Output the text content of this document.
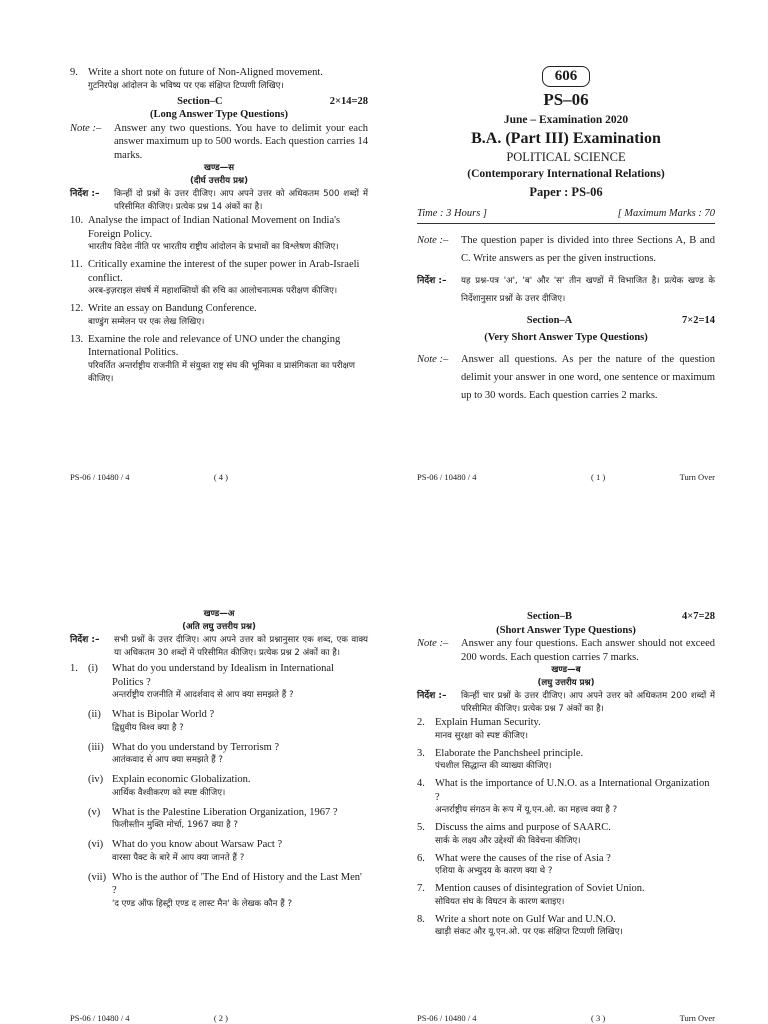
9. Write a short note on future of Non-Aligned movement.
गुटनिरपेक्ष आंदोलन के भविष्य पर एक संक्षिप्त टिप्पणी लिखिए।
Section–C	2×14=28
(Long Answer Type Questions)
Note :–	Answer any two questions. You have to delimit your each answer maximum up to 500 words. Each question carries 14 marks.
खण्ड—स
(दीर्घ उत्तरीय प्रश्न)
निर्देश :–	किन्हीं दो प्रश्नों के उत्तर दीजिए। आप अपने उत्तर को अधिकतम 500 शब्दों में परिसीमित कीजिए। प्रत्येक प्रश्न 14 अंकों का है।
10. Analyse the impact of Indian National Movement on India's Foreign Policy.
भारतीय विदेश नीति पर भारतीय राष्ट्रीय आंदोलन के प्रभावों का विश्लेषण कीजिए।
11. Critically examine the interest of the super power in Arab-Israeli conflict.
अरब-इज़राइल संघर्ष में महाशक्तियों की रुचि का आलोचनात्मक परीक्षण कीजिए।
12. Write an essay on Bandung Conference.
बाण्डुंग सम्मेलन पर एक लेख लिखिए।
13. Examine the role and relevance of UNO under the changing International Politics.
परिवर्तित अन्तर्राष्ट्रीय राजनीति में संयुक्त राष्ट्र संघ की भूमिका व प्रासंगिकता का परीक्षण कीजिए।
PS-06 / 10480 / 4	( 4 )
606
PS–06
June – Examination 2020
B.A. (Part III) Examination
POLITICAL SCIENCE
(Contemporary International Relations)
Paper : PS-06
Time : 3 Hours ]	[ Maximum Marks : 70
Note :–	The question paper is divided into three Sections A, B and C. Write answers as per the given instructions.
निर्देश :–	यह प्रश्न-पत्र 'अ', 'ब' और 'स' तीन खण्डों में विभाजित है। प्रत्येक खण्ड के निर्देशानुसार प्रश्नों के उत्तर दीजिए।
Section–A	7×2=14
(Very Short Answer Type Questions)
Note :–	Answer all questions. As per the nature of the question delimit your answer in one word, one sentence or maximum up to 30 words. Each question carries 2 marks.
PS-06 / 10480 / 4	( 1 )	Turn Over
खण्ड—अ
(अति लघु उत्तरीय प्रश्न)
निर्देश :–	सभी प्रश्नों के उत्तर दीजिए। आप अपने उत्तर को प्रश्नानुसार एक शब्द, एक वाक्य या अधिकतम 30 शब्दों में परिसीमित कीजिए। प्रत्येक प्रश्न 2 अंकों का है।
1. (i)	What do you understand by Idealism in International Politics ?
अन्तर्राष्ट्रीय राजनीति में आदर्शवाद से आप क्या समझते हैं ?
(ii)	What is Bipolar World ?
द्विध्रुवीय विश्व क्या है ?
(iii) What do you understand by Terrorism ?
आतंकवाद से आप क्या समझते हैं ?
(iv) Explain economic Globalization.
आर्थिक वैश्वीकरण को स्पष्ट कीजिए।
(v)	What is the Palestine Liberation Organization, 1967 ?
फिलीस्तीन मुक्ति मोर्चा, 1967 क्या है ?
(vi) What do you know about Warsaw Pact ?
वारसा पैक्ट के बारे में आप क्या जानते हैं ?
(vii) Who is the author of 'The End of History and the Last Men' ?
'द एण्ड ऑफ हिस्ट्री एण्ड द लास्ट मैन' के लेखक कौन हैं ?
PS-06 / 10480 / 4	( 2 )
Section–B	4×7=28
(Short Answer Type Questions)
Note :–	Answer any four questions. Each answer should not exceed 200 words. Each question carries 7 marks.
खण्ड—ब
(लघु उत्तरीय प्रश्न)
निर्देश :–	किन्हीं चार प्रश्नों के उत्तर दीजिए। आप अपने उत्तर को अधिकतम 200 शब्दों में परिसीमित कीजिए। प्रत्येक प्रश्न 7 अंकों का है।
2. Explain Human Security.
मानव सुरक्षा को स्पष्ट कीजिए।
3. Elaborate the Panchsheel principle.
पंचशील सिद्धान्त की व्याख्या कीजिए।
4. What is the importance of U.N.O. as a International Organization ?
अन्तर्राष्ट्रीय संगठन के रूप में यू.एन.ओ. का महत्त्व क्या है ?
5. Discuss the aims and purpose of SAARC.
सार्क के लक्ष्य और उद्देश्यों की विवेचना कीजिए।
6. What were the causes of the rise of Asia ?
एशिया के अभ्युदय के कारण क्या थे ?
7. Mention causes of disintegration of Soviet Union.
सोवियत संघ के विघटन के कारण बताइए।
8. Write a short note on Gulf War and U.N.O.
खाड़ी संकट और यू.एन.ओ. पर एक संक्षिप्त टिप्पणी लिखिए।
PS-06 / 10480 / 4	( 3 )	Turn Over
